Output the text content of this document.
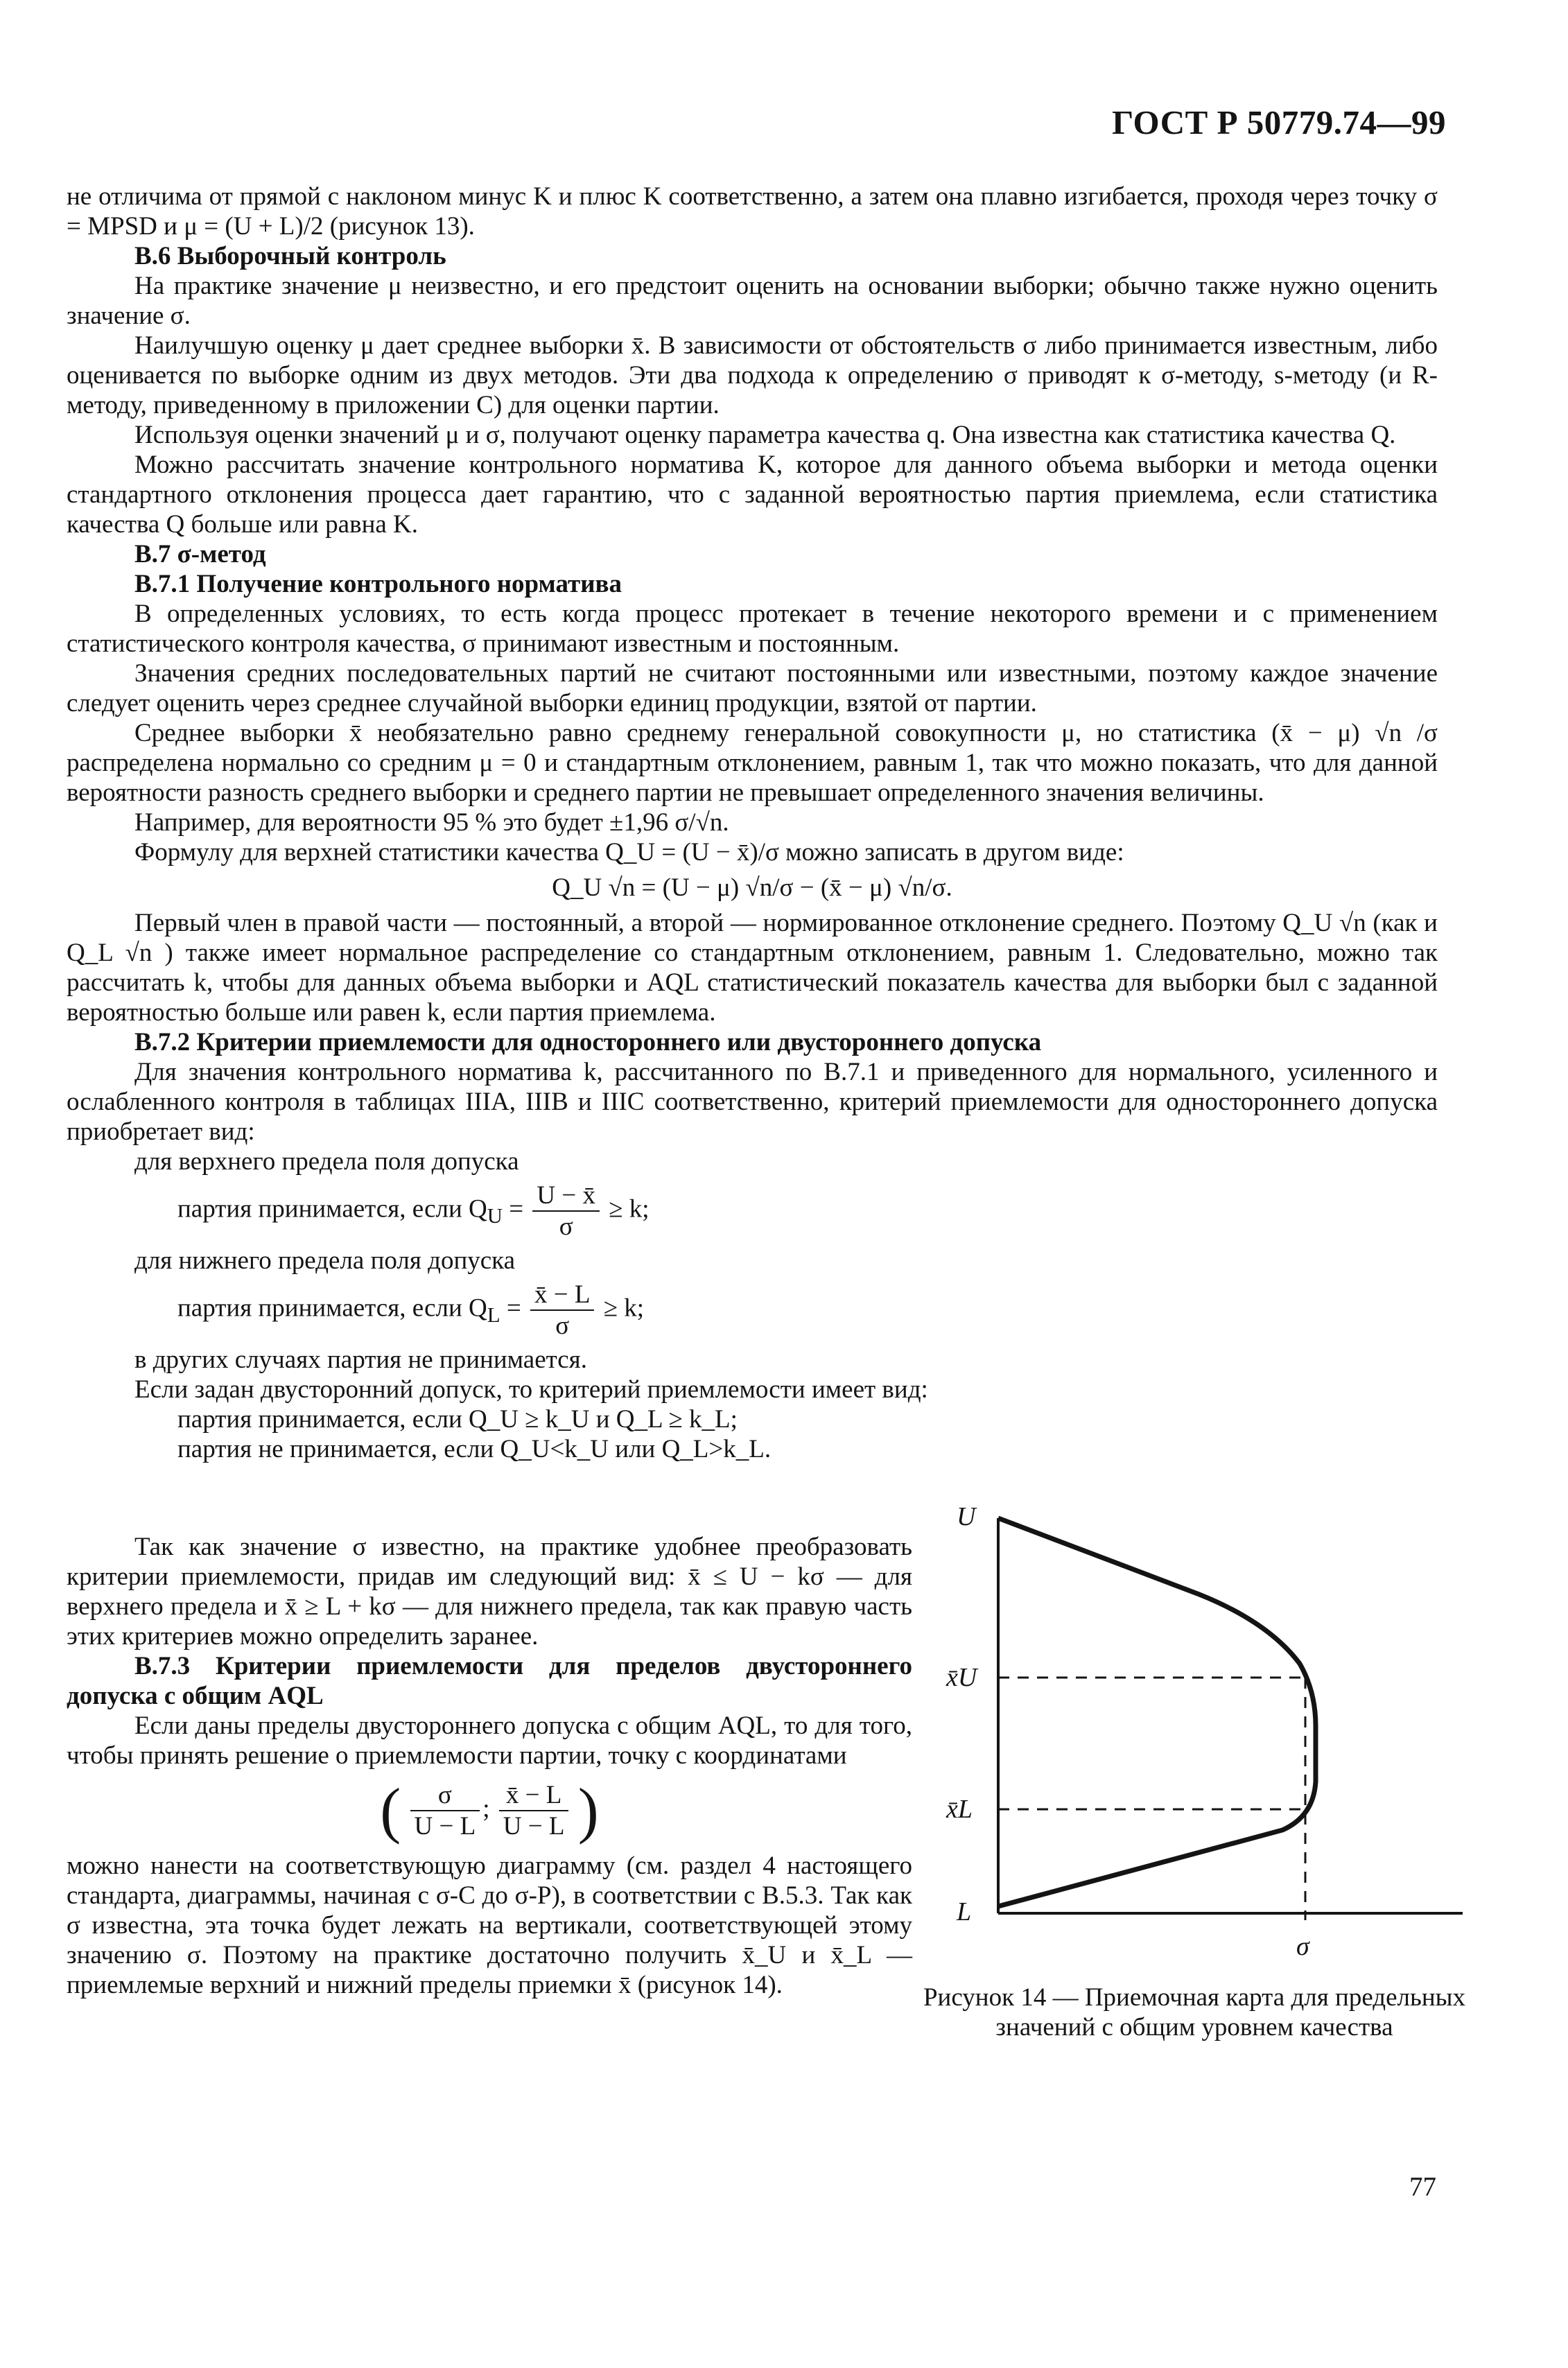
ГОСТ Р 50779.74—99

не отличима от прямой с наклоном минус K и плюс K соответственно, а затем она плавно изгибается, проходя через точку σ = MPSD и μ = (U + L)/2 (рисунок 13).

В.6 Выборочный контроль

На практике значение μ неизвестно, и его предстоит оценить на основании выборки; обычно также нужно оценить значение σ.

Наилучшую оценку μ дает среднее выборки x̄. В зависимости от обстоятельств σ либо принимается известным, либо оценивается по выборке одним из двух методов. Эти два подхода к определению σ приводят к σ-методу, s-методу (и R-методу, приведенному в приложении С) для оценки партии.

Используя оценки значений μ и σ, получают оценку параметра качества q. Она известна как статистика качества Q.

Можно рассчитать значение контрольного норматива K, которое для данного объема выборки и метода оценки стандартного отклонения процесса дает гарантию, что с заданной вероятностью партия приемлема, если статистика качества Q больше или равна K.

В.7 σ-метод

В.7.1 Получение контрольного норматива

В определенных условиях, то есть когда процесс протекает в течение некоторого времени и с применением статистического контроля качества, σ принимают известным и постоянным.

Значения средних последовательных партий не считают постоянными или известными, поэтому каждое значение следует оценить через среднее случайной выборки единиц продукции, взятой от партии.

Среднее выборки x̄ необязательно равно среднему генеральной совокупности μ, но статистика (x̄ − μ) √n /σ распределена нормально со средним μ = 0 и стандартным отклонением, равным 1, так что можно показать, что для данной вероятности разность среднего выборки и среднего партии не превышает определенного значения величины.

Например, для вероятности 95 % это будет ±1,96 σ/√n.

Формулу для верхней статистики качества Q_U = (U − x̄)/σ можно записать в другом виде:

Q_U √n = (U − μ) √n/σ − (x̄ − μ) √n/σ.

Первый член в правой части — постоянный, а второй — нормированное отклонение среднего. Поэтому Q_U √n (как и Q_L √n ) также имеет нормальное распределение со стандартным отклонением, равным 1. Следовательно, можно так рассчитать k, чтобы для данных объема выборки и AQL статистический показатель качества для выборки был с заданной вероятностью больше или равен k, если партия приемлема.

В.7.2 Критерии приемлемости для одностороннего или двустороннего допуска

Для значения контрольного норматива k, рассчитанного по В.7.1 и приведенного для нормального, усиленного и ослабленного контроля в таблицах IIIA, IIIB и IIIC соответственно, критерий приемлемости для одностороннего допуска приобретает вид:

для верхнего предела поля допуска

партия принимается, если $Q_U = \frac{U - x̄}{\sigma} \ge k$;

для нижнего предела поля допуска

партия принимается, если $Q_L = \frac{x̄ - L}{\sigma} \ge k$;

в других случаях партия не принимается.

Если задан двусторонний допуск, то критерий приемлемости имеет вид:

партия принимается, если Q_U ≥ k_U и Q_L ≥ k_L;

партия не принимается, если Q_U<k_U или Q_L>k_L.

Так как значение σ известно, на практике удобнее преобразовать критерии приемлемости, придав им следующий вид: x̄ ≤ U − kσ — для верхнего предела и x̄ ≥ L + kσ — для нижнего предела, так как правую часть этих критериев можно определить заранее.

В.7.3 Критерии приемлемости для пределов двустороннего допуска с общим AQL

Если даны пределы двустороннего допуска с общим AQL, то для того, чтобы принять решение о приемлемости партии, точку с координатами

( $\frac{\sigma}{U - L}$ ; $\frac{x̄ - L}{U - L}$ )

можно нанести на соответствующую диаграмму (см. раздел 4 настоящего стандарта, диаграммы, начиная с σ-С до σ-Р), в соответствии с В.5.3. Так как σ известна, эта точка будет лежать на вертикали, соответствующей этому значению σ. Поэтому на практике достаточно получить x̄_U и x̄_L — приемлемые верхний и нижний пределы приемки x̄ (рисунок 14).

U
x̄U
x̄L
L
σ
Рисунок 14 — Приемочная карта для предельных значений с общим уровнем качества
77
